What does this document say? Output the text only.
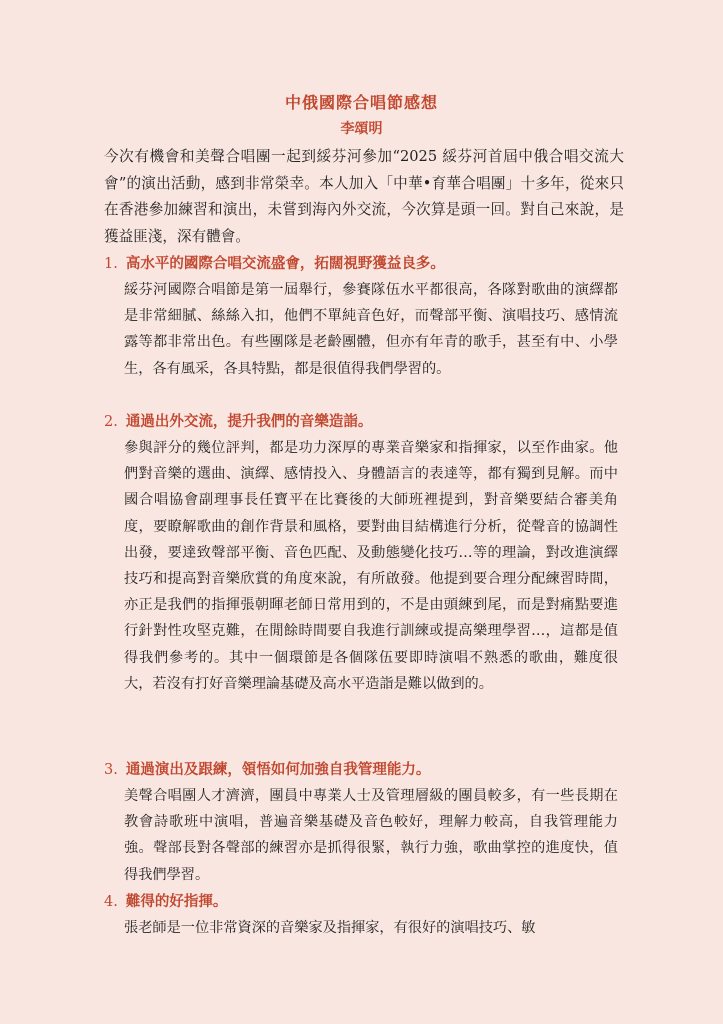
中俄國際合唱節感想
李頌明

今次有機會和美聲合唱團一起到綏芬河參加“2025 綏芬河首屆中俄合唱交流大會”的演出活動，感到非常榮幸。本人加入「中華•育華合唱團」十多年，從來只在香港參加練習和演出，未嘗到海內外交流，今次算是頭一回。對自己來說，是獲益匪淺，深有體會。

1. 高水平的國際合唱交流盛會，拓闊視野獲益良多。

綏芬河國際合唱節是第一屆舉行，參賽隊伍水平都很高，各隊對歌曲的演繹都是非常細膩、絲絲入扣，他們不單純音色好，而聲部平衡、演唱技巧、感情流露等都非常出色。有些團隊是老齡團體，但亦有年青的歌手，甚至有中、小學生，各有風采，各具特點，都是很值得我們學習的。

2. 通過出外交流，提升我們的音樂造詣。

參與評分的幾位評判，都是功力深厚的專業音樂家和指揮家，以至作曲家。他們對音樂的選曲、演繹、感情投入、身體語言的表達等，都有獨到見解。而中國合唱協會副理事長任寶平在比賽後的大師班裡提到，對音樂要結合審美角度，要瞭解歌曲的創作背景和風格，要對曲目結構進行分析，從聲音的協調性出發，要達致聲部平衡、音色匹配、及動態變化技巧…等的理論，對改進演繹技巧和提高對音樂欣賞的角度來說，有所啟發。他提到要合理分配練習時間，亦正是我們的指揮張朝暉老師日常用到的，不是由頭練到尾，而是對痛點要進行針對性攻堅克難，在閒餘時間要自我進行訓練或提高樂理學習…，這都是值得我們參考的。其中一個環節是各個隊伍要即時演唱不熟悉的歌曲，難度很大，若沒有打好音樂理論基礎及高水平造詣是難以做到的。

3. 通過演出及跟練，領悟如何加強自我管理能力。

美聲合唱團人才濟濟，團員中專業人士及管理層級的團員較多，有一些長期在教會詩歌班中演唱，普遍音樂基礎及音色較好，理解力較高，自我管理能力強。聲部長對各聲部的練習亦是抓得很緊，執行力強，歌曲掌控的進度快，值得我們學習。

4. 難得的好指揮。

張老師是一位非常資深的音樂家及指揮家，有很好的演唱技巧、敏
